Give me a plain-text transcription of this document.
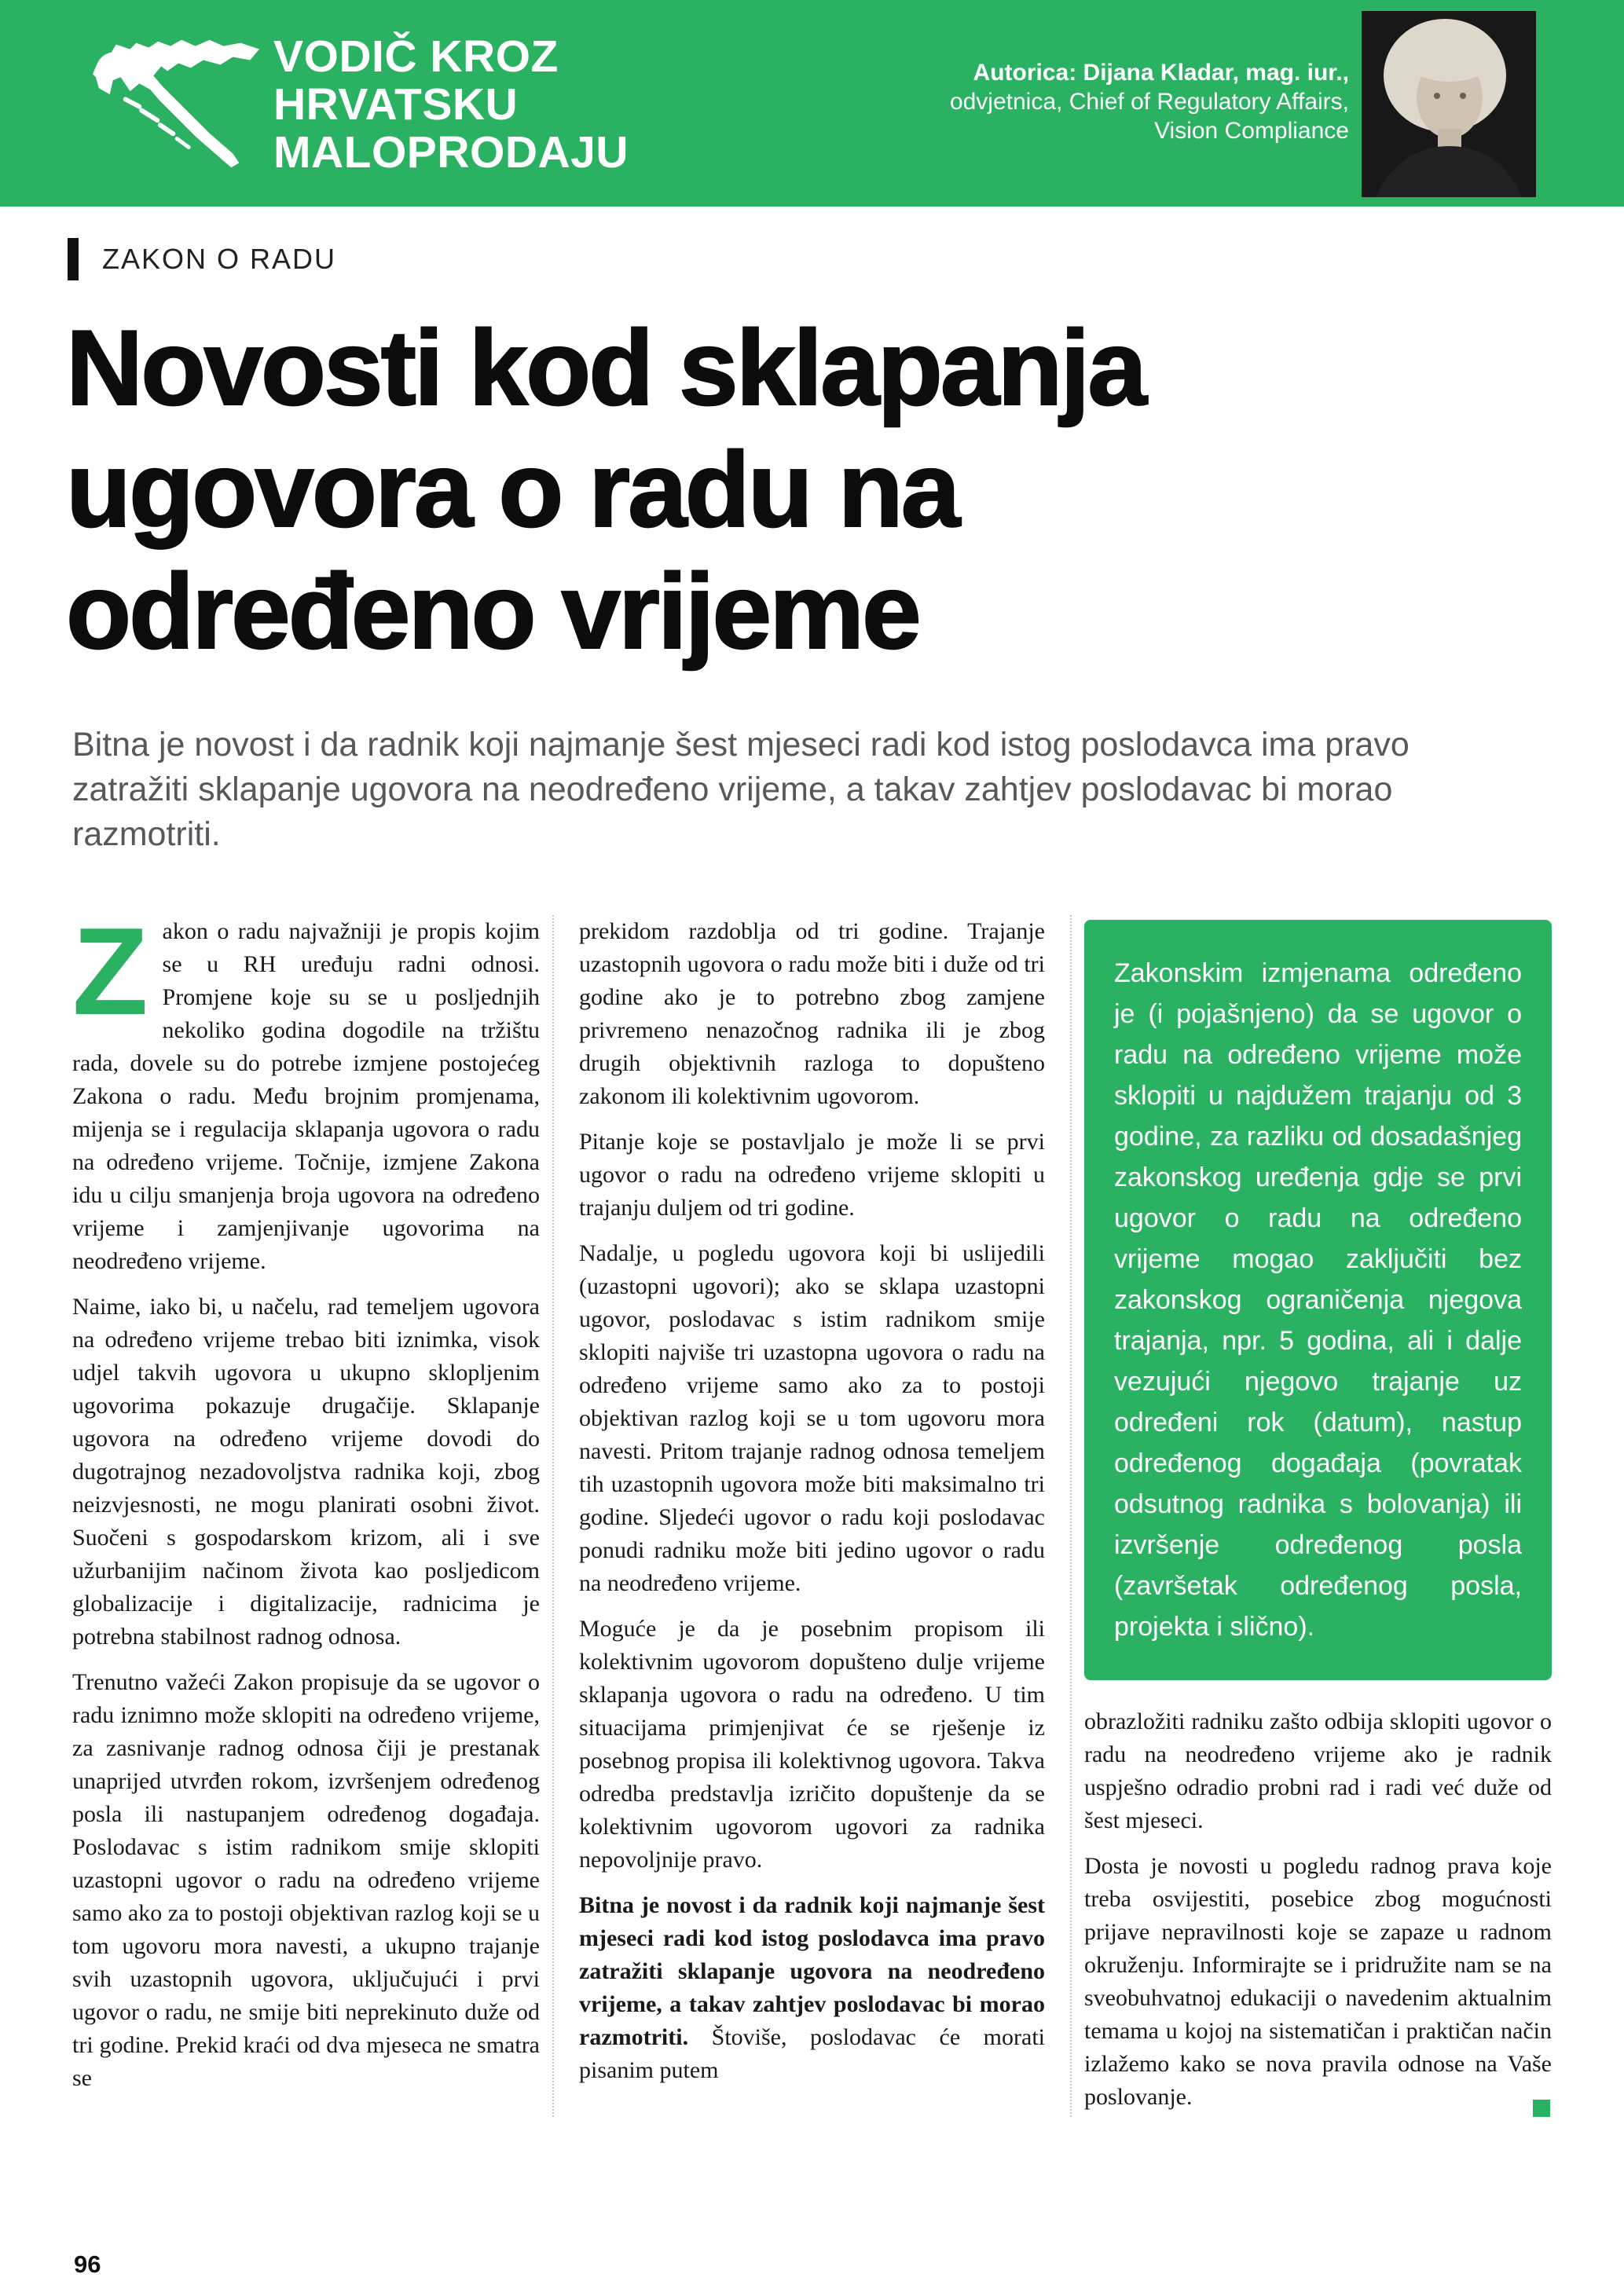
VODIČ KROZ
HRVATSKU
MALOPRODAJU
Autorica: Dijana Kladar, mag. iur.,
odvjetnica, Chief of Regulatory Affairs,
Vision Compliance
ZAKON O RADU
Novosti kod sklapanja
ugovora o radu na
određeno vrijeme

Bitna je novost i da radnik koji najmanje šest mjeseci radi kod istog poslodavca ima pravo zatražiti sklapanje ugovora na neodređeno vrijeme, a takav zahtjev poslodavac bi morao razmotriti.

Zakon o radu najvažniji je propis kojim se u RH uređuju radni odnosi. Promjene koje su se u posljednjih nekoliko godina dogodile na tržištu rada, dovele su do potrebe izmjene postojećeg Zakona o radu. Među brojnim promjenama, mijenja se i regulacija sklapanja ugovora o radu na određeno vrijeme. Točnije, izmjene Zakona idu u cilju smanjenja broja ugovora na određeno vrijeme i zamjenjivanje ugovorima na neodređeno vrijeme.

Naime, iako bi, u načelu, rad temeljem ugovora na određeno vrijeme trebao biti iznimka, visok udjel takvih ugovora u ukupno sklopljenim ugovorima pokazuje drugačije. Sklapanje ugovora na određeno vrijeme dovodi do dugotrajnog nezadovoljstva radnika koji, zbog neizvjesnosti, ne mogu planirati osobni život. Suočeni s gospodarskom krizom, ali i sve užurbanijim načinom života kao posljedicom globalizacije i digitalizacije, radnicima je potrebna stabilnost radnog odnosa.

Trenutno važeći Zakon propisuje da se ugovor o radu iznimno može sklopiti na određeno vrijeme, za zasnivanje radnog odnosa čiji je prestanak unaprijed utvrđen rokom, izvršenjem određenog posla ili nastupanjem određenog događaja. Poslodavac s istim radnikom smije sklopiti uzastopni ugovor o radu na određeno vrijeme samo ako za to postoji objektivan razlog koji se u tom ugovoru mora navesti, a ukupno trajanje svih uzastopnih ugovora, uključujući i prvi ugovor o radu, ne smije biti neprekinuto duže od tri godine. Prekid kraći od dva mjeseca ne smatra se

prekidom razdoblja od tri godine. Trajanje uzastopnih ugovora o radu može biti i duže od tri godine ako je to potrebno zbog zamjene privremeno nenazočnog radnika ili je zbog drugih objektivnih razloga to dopušteno zakonom ili kolektivnim ugovorom.

Pitanje koje se postavljalo je može li se prvi ugovor o radu na određeno vrijeme sklopiti u trajanju duljem od tri godine.

Nadalje, u pogledu ugovora koji bi uslijedili (uzastopni ugovori); ako se sklapa uzastopni ugovor, poslodavac s istim radnikom smije sklopiti najviše tri uzastopna ugovora o radu na određeno vrijeme samo ako za to postoji objektivan razlog koji se u tom ugovoru mora navesti. Pritom trajanje radnog odnosa temeljem tih uzastopnih ugovora može biti maksimalno tri godine. Sljedeći ugovor o radu koji poslodavac ponudi radniku može biti jedino ugovor o radu na neodređeno vrijeme.

Moguće je da je posebnim propisom ili kolektivnim ugovorom dopušteno dulje vrijeme sklapanja ugovora o radu na određeno. U tim situacijama primjenjivat će se rješenje iz posebnog propisa ili kolektivnog ugovora. Takva odredba predstavlja izričito dopuštenje da se kolektivnim ugovorom ugovori za radnika nepovoljnije pravo.

Bitna je novost i da radnik koji najmanje šest mjeseci radi kod istog poslodavca ima pravo zatražiti sklapanje ugovora na neodređeno vrijeme, a takav zahtjev poslodavac bi morao razmotriti. Štoviše, poslodavac će morati pisanim putem

Zakonskim izmjenama određeno je (i pojašnjeno) da se ugovor o radu na određeno vrijeme može sklopiti u najdužem trajanju od 3 godine, za razliku od dosadašnjeg zakonskog uređenja gdje se prvi ugovor o radu na određeno vrijeme mogao zaključiti bez zakonskog ograničenja njegova trajanja, npr. 5 godina, ali i dalje vezujući njegovo trajanje uz određeni rok (datum), nastup određenog događaja (povratak odsutnog radnika s bolovanja) ili izvršenje određenog posla (završetak određenog posla, projekta i slično).

obrazložiti radniku zašto odbija sklopiti ugovor o radu na neodređeno vrijeme ako je radnik uspješno odradio probni rad i radi već duže od šest mjeseci.

Dosta je novosti u pogledu radnog prava koje treba osvijestiti, posebice zbog mogućnosti prijave nepravilnosti koje se zapaze u radnom okruženju. Informirajte se i pridružite nam se na sveobuhvatnoj edukaciji o navedenim aktualnim temama u kojoj na sistematičan i praktičan način izlažemo kako se nova pravila odnose na Vaše poslovanje.

96
